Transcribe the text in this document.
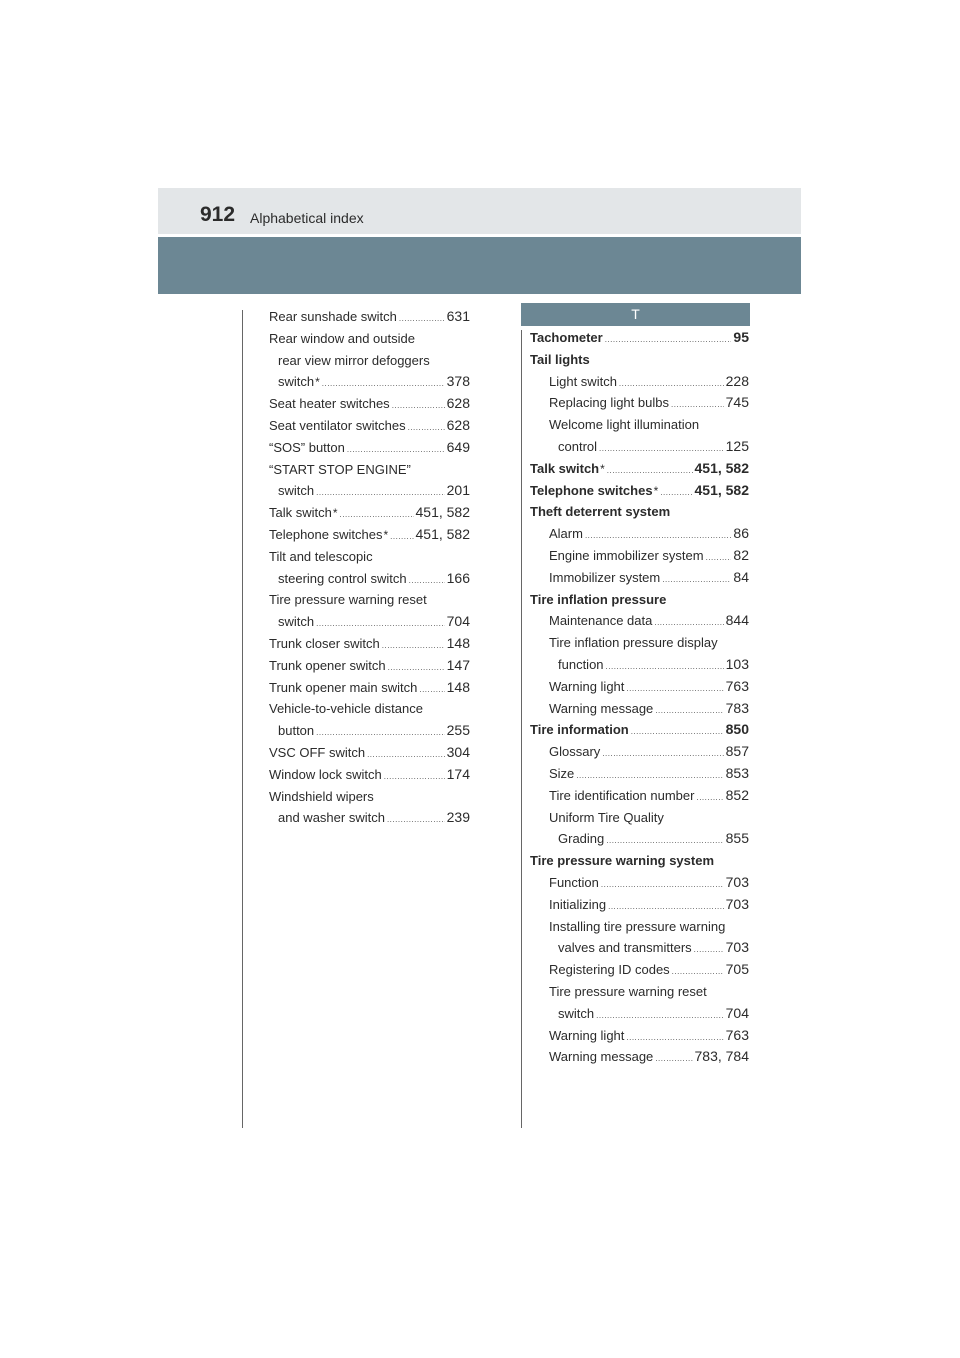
912 Alphabetical index
T
Rear sunshade switch .....	631
Rear window and outside
rear view mirror defoggers
switch * .....	378
Seat heater switches .....	628
Seat ventilator switches .....	628
“SOS” button .....	649
“START STOP ENGINE”
switch .....	201
Talk switch * .....	451, 582
Telephone switches * ..... 451, 582
Tilt and telescopic
steering control switch .....	166
Tire pressure warning reset
switch .....	704
Trunk closer switch .....	148
Trunk opener switch .....	147
Trunk opener main switch ..... 148
Vehicle-to-vehicle distance
button .....	255
VSC OFF switch .....	304
Window lock switch .....	174
Windshield wipers
and washer switch .....	239
Tachometer .....	95
Tail lights
Light switch .....	228
Replacing light bulbs .....	745
Welcome light illumination
control .....	125
Talk switch * .....	451, 582
Telephone switches * .....	451, 582
Theft deterrent system
Alarm .....	86
Engine immobilizer system ..... 82
Immobilizer system .....	84
Tire inflation pressure
Maintenance data .....	844
Tire inflation pressure display
function .....	103
Warning light .....	763
Warning message .....	783
Tire information .....	850
Glossary .....	857
Size .....	853
Tire identification number ..... 852
Uniform Tire Quality
Grading .....	855
Tire pressure warning system
Function .....	703
Initializing .....	703
Installing tire pressure warning
valves and transmitters ..... 703
Registering ID codes .....	705
Tire pressure warning reset
switch .....	704
Warning light .....	763
Warning message .....	783, 784
